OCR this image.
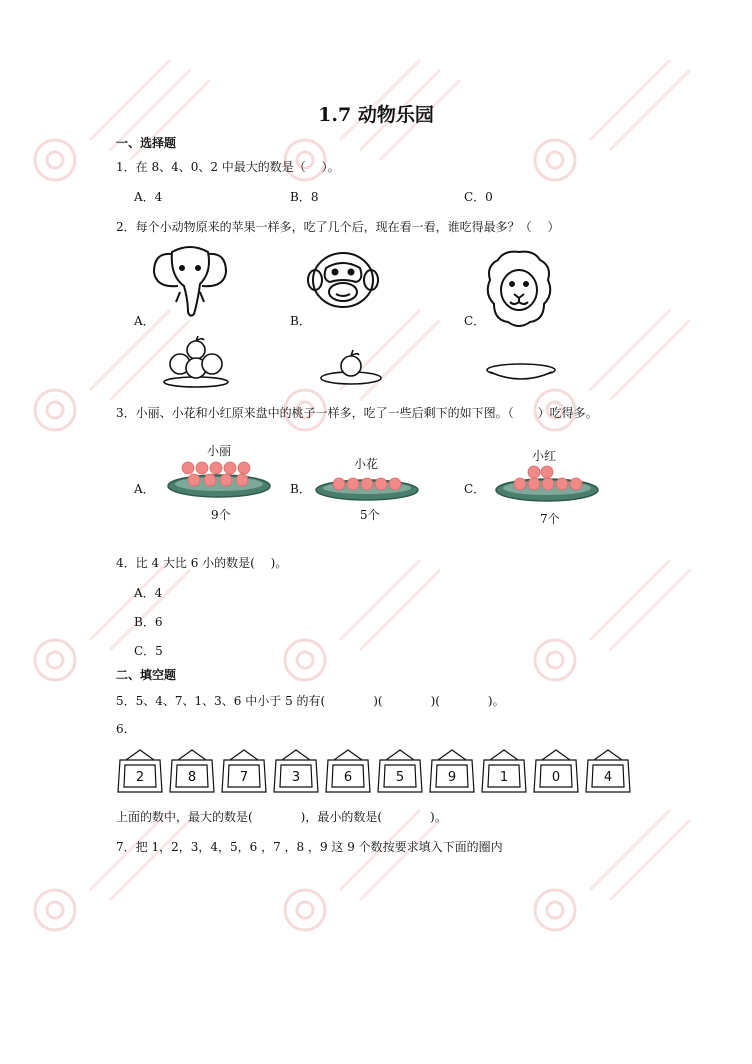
1.7 动物乐园
一、选择题
1．在 8、4、0、2 中最大的数是（　 ）。
A．4	B．8	C．0
2．每个小动物原来的苹果一样多，吃了几个后，现在看一看，谁吃得最多？（　 ）
A．	B．	C．
3．小丽、小花和小红原来盘中的桃子一样多，吃了一些后剩下的如下图。（　　）吃得多。
小丽
小花
小红
A．	B．	C．
9个	5个	7个
4．比 4 大比 6 小的数是(　 )。
A．4
B．6
C．5
二、填空题
5．5、4、7、1、3、6 中小于 5 的有(　　　　)(　　　　)(　　　　)。
6.
2	8	7	3	6	5	9	1	0	4
上面的数中，最大的数是(　　　　)，最小的数是(　　　　)。
7．把 1，2，3，4，5，6 ，7 ，8 ，9 这 9 个数按要求填入下面的圈内
